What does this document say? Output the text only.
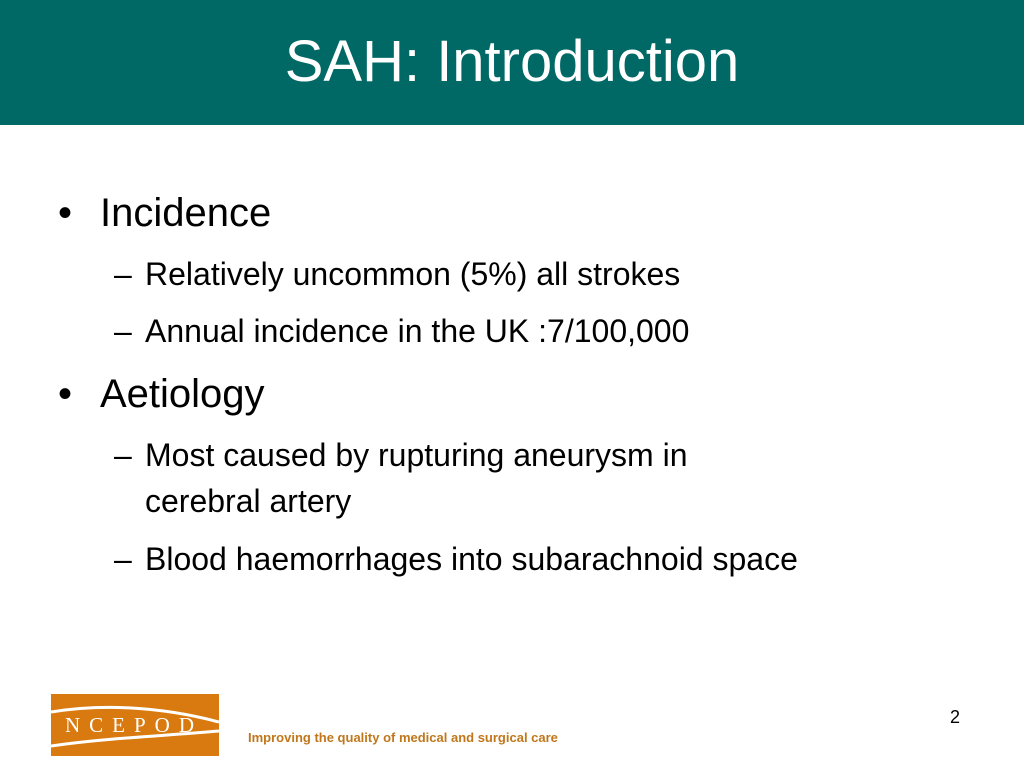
SAH: Introduction
• Incidence
– Relatively uncommon (5%) all strokes
– Annual incidence in the UK :7/100,000
• Aetiology
– Most caused by rupturing aneurysm in
cerebral artery
– Blood haemorrhages into subarachnoid space
NCEPOD
Improving the quality of medical and surgical care
2
